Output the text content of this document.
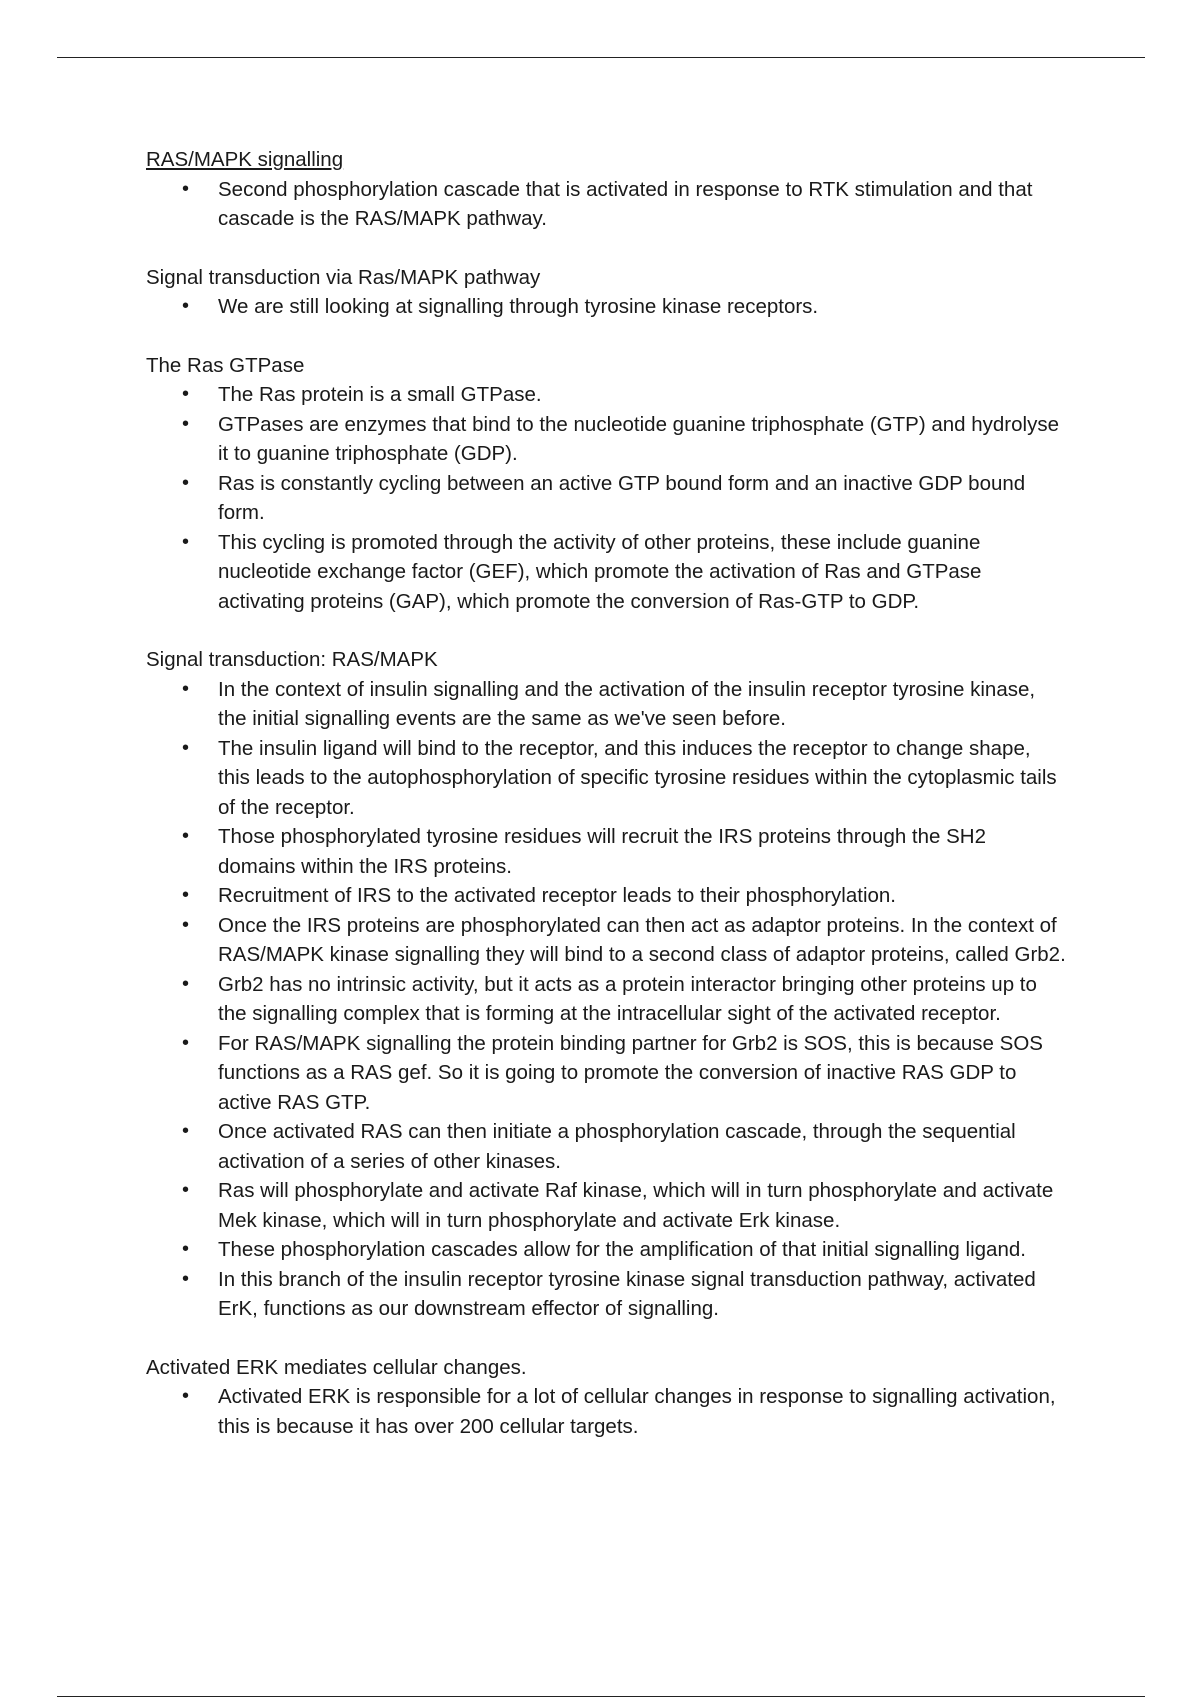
RAS/MAPK signalling

• Second phosphorylation cascade that is activated in response to RTK stimulation and that cascade is the RAS/MAPK pathway.

Signal transduction via Ras/MAPK pathway

• We are still looking at signalling through tyrosine kinase receptors.

The Ras GTPase

• The Ras protein is a small GTPase.
• GTPases are enzymes that bind to the nucleotide guanine triphosphate (GTP) and hydrolyse it to guanine triphosphate (GDP).
• Ras is constantly cycling between an active GTP bound form and an inactive GDP bound form.
• This cycling is promoted through the activity of other proteins, these include guanine nucleotide exchange factor (GEF), which promote the activation of Ras and GTPase activating proteins (GAP), which promote the conversion of Ras-GTP to GDP.

Signal transduction: RAS/MAPK

• In the context of insulin signalling and the activation of the insulin receptor tyrosine kinase, the initial signalling events are the same as we've seen before.
• The insulin ligand will bind to the receptor, and this induces the receptor to change shape, this leads to the autophosphorylation of specific tyrosine residues within the cytoplasmic tails of the receptor.
• Those phosphorylated tyrosine residues will recruit the IRS proteins through the SH2 domains within the IRS proteins.
• Recruitment of IRS to the activated receptor leads to their phosphorylation.
• Once the IRS proteins are phosphorylated can then act as adaptor proteins. In the context of RAS/MAPK kinase signalling they will bind to a second class of adaptor proteins, called Grb2.
• Grb2 has no intrinsic activity, but it acts as a protein interactor bringing other proteins up to the signalling complex that is forming at the intracellular sight of the activated receptor.
• For RAS/MAPK signalling the protein binding partner for Grb2 is SOS, this is because SOS functions as a RAS gef. So it is going to promote the conversion of inactive RAS GDP to active RAS GTP.
• Once activated RAS can then initiate a phosphorylation cascade, through the sequential activation of a series of other kinases.
• Ras will phosphorylate and activate Raf kinase, which will in turn phosphorylate and activate Mek kinase, which will in turn phosphorylate and activate Erk kinase.
• These phosphorylation cascades allow for the amplification of that initial signalling ligand.
• In this branch of the insulin receptor tyrosine kinase signal transduction pathway, activated ErK, functions as our downstream effector of signalling.

Activated ERK mediates cellular changes.

• Activated ERK is responsible for a lot of cellular changes in response to signalling activation, this is because it has over 200 cellular targets.
